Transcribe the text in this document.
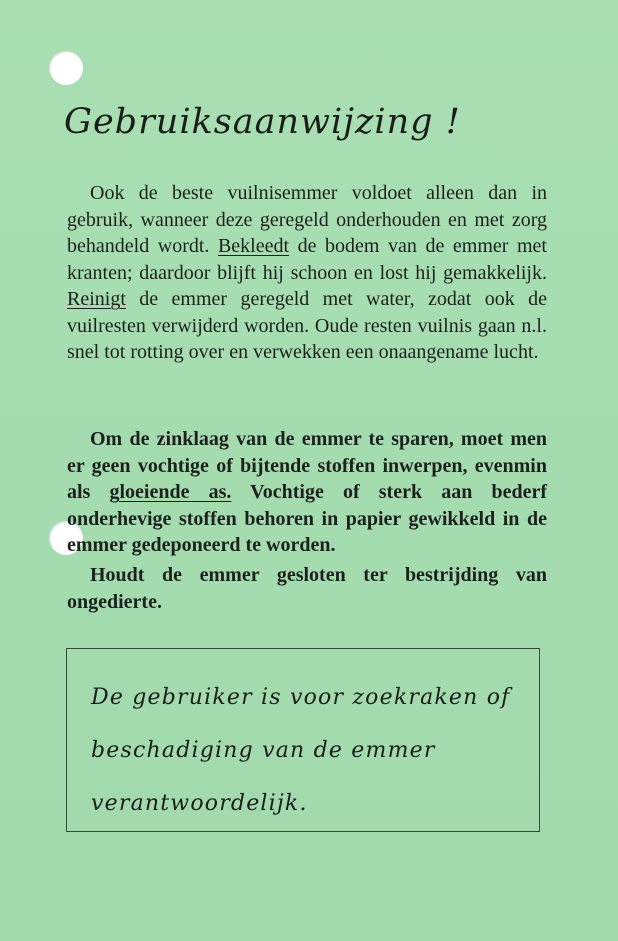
Gebruiksaanwijzing !

Ook de beste vuilnisemmer voldoet alleen dan in gebruik, wanneer deze geregeld onderhouden en met zorg behandeld wordt. Bekleedt de bodem van de emmer met kranten; daardoor blijft hij schoon en lost hij gemakkelijk. Reinigt de emmer geregeld met water, zodat ook de vuilresten verwijderd worden. Oude resten vuilnis gaan n.l. snel tot rotting over en verwekken een onaangename lucht.

Om de zinklaag van de emmer te sparen, moet men er geen vochtige of bijtende stoffen inwerpen, evenmin als gloeiende as. Vochtige of sterk aan bederf onderhevige stoffen behoren in papier gewikkeld in de emmer gedeponeerd te worden.

Houdt de emmer gesloten ter bestrijding van ongedierte.

De gebruiker is voor zoekraken of beschadiging van de emmer verantwoordelijk.
